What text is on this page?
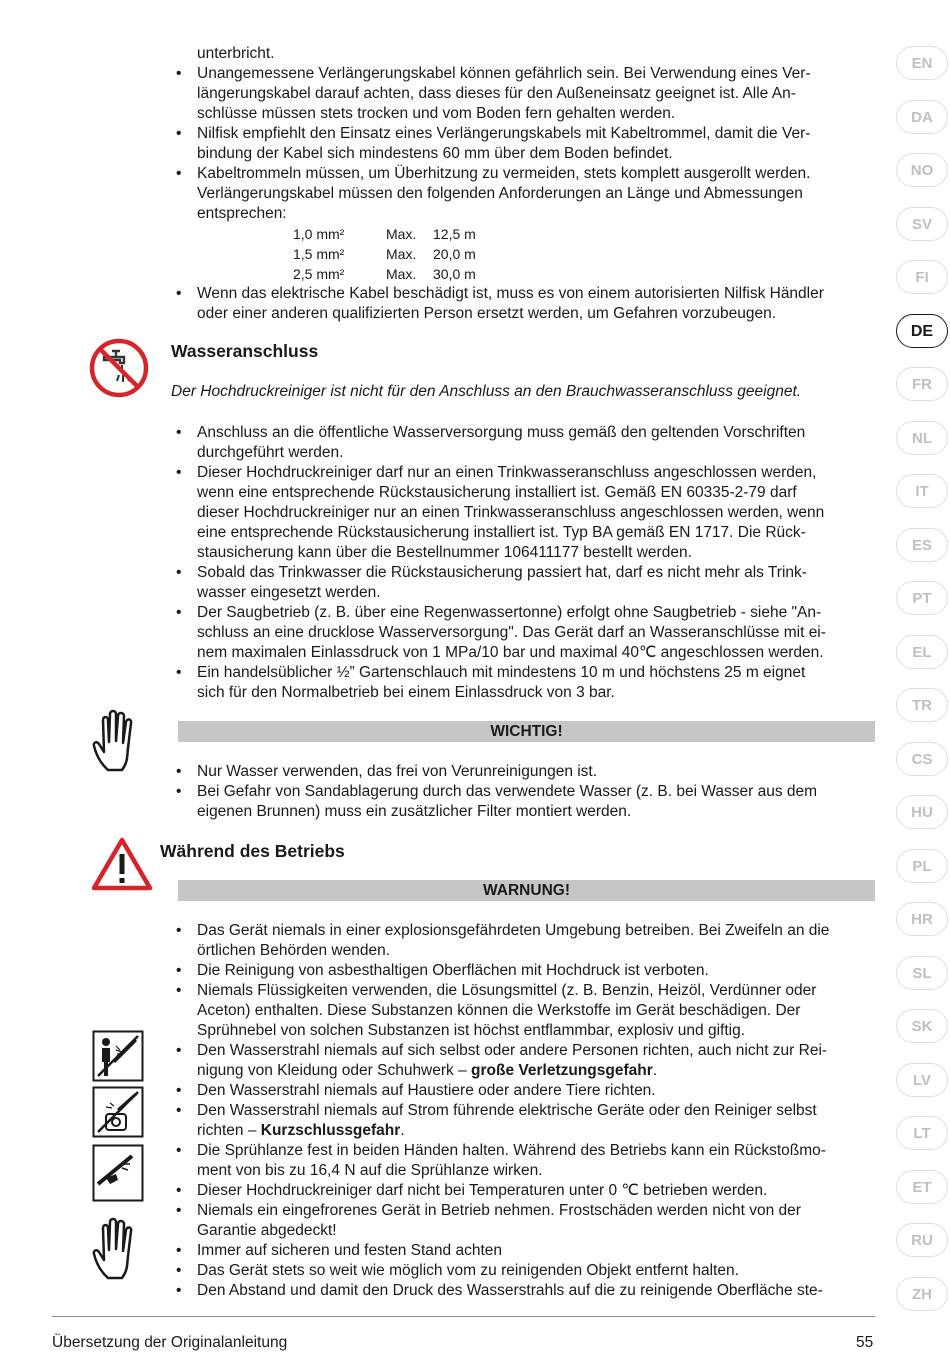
Wasseranschluss
Der Hochdruckreiniger ist nicht für den Anschluss an den Brauchwasseranschluss geeignet.
WICHTIG!
Während des Betriebs
WARNUNG!
Übersetzung der Originalanleitung	55
unterbricht.
• Unangemessene Verlängerungskabel können gefährlich sein. Bei Verwendung eines Ver-
längerungskabel darauf achten, dass dieses für den Außeneinsatz geeignet ist. Alle An-
schlüsse müssen stets trocken und vom Boden fern gehalten werden.
• Nilfisk empfiehlt den Einsatz eines Verlängerungskabels mit Kabeltrommel, damit die Ver-
bindung der Kabel sich mindestens 60 mm über dem Boden befindet.
• Kabeltrommeln müssen, um Überhitzung zu vermeiden, stets komplett ausgerollt werden.
Verlängerungskabel müssen den folgenden Anforderungen an Länge und Abmessungen
entsprechen:
1,0 mm²	Max. 12,5 m
1,5 mm²	Max. 20,0 m
2,5 mm²	Max. 30,0 m
• Wenn das elektrische Kabel beschädigt ist, muss es von einem autorisierten Nilfisk Händler
oder einer anderen qualifizierten Person ersetzt werden, um Gefahren vorzubeugen.
• Anschluss an die öffentliche Wasserversorgung muss gemäß den geltenden Vorschriften
durchgeführt werden.
• Dieser Hochdruckreiniger darf nur an einen Trinkwasseranschluss angeschlossen werden,
wenn eine entsprechende Rückstausicherung installiert ist. Gemäß EN 60335-2-79 darf
dieser Hochdruckreiniger nur an einen Trinkwasseranschluss angeschlossen werden, wenn
eine entsprechende Rückstausicherung installiert ist. Typ BA gemäß EN 1717. Die Rück-
stausicherung kann über die Bestellnummer 106411177 bestellt werden.
• Sobald das Trinkwasser die Rückstausicherung passiert hat, darf es nicht mehr als Trink-
wasser eingesetzt werden.
• Der Saugbetrieb (z. B. über eine Regenwassertonne) erfolgt ohne Saugbetrieb - siehe "An-
schluss an eine drucklose Wasserversorgung". Das Gerät darf an Wasseranschlüsse mit ei-
nem maximalen Einlassdruck von 1 MPa/10 bar und maximal 40℃ angeschlossen werden.
• Ein handelsüblicher ½” Gartenschlauch mit mindestens 10 m und höchstens 25 m eignet
sich für den Normalbetrieb bei einem Einlassdruck von 3 bar.
• Nur Wasser verwenden, das frei von Verunreinigungen ist.
• Bei Gefahr von Sandablagerung durch das verwendete Wasser (z. B. bei Wasser aus dem
eigenen Brunnen) muss ein zusätzlicher Filter montiert werden.
• Das Gerät niemals in einer explosionsgefährdeten Umgebung betreiben. Bei Zweifeln an die
örtlichen Behörden wenden.
• Die Reinigung von asbesthaltigen Oberflächen mit Hochdruck ist verboten.
• Niemals Flüssigkeiten verwenden, die Lösungsmittel (z. B. Benzin, Heizöl, Verdünner oder
Aceton) enthalten. Diese Substanzen können die Werkstoffe im Gerät beschädigen. Der
Sprühnebel von solchen Substanzen ist höchst entflammbar, explosiv und giftig.
• Den Wasserstrahl niemals auf sich selbst oder andere Personen richten, auch nicht zur Rei-
nigung von Kleidung oder Schuhwerk – große Verletzungsgefahr.
• Den Wasserstrahl niemals auf Haustiere oder andere Tiere richten.
• Den Wasserstrahl niemals auf Strom führende elektrische Geräte oder den Reiniger selbst
richten – Kurzschlussgefahr.
• Die Sprühlanze fest in beiden Händen halten. Während des Betriebs kann ein Rückstoßmo-
ment von bis zu 16,4 N auf die Sprühlanze wirken.
• Dieser Hochdruckreiniger darf nicht bei Temperaturen unter 0 ℃ betrieben werden.
• Niemals ein eingefrorenes Gerät in Betrieb nehmen. Frostschäden werden nicht von der
Garantie abgedeckt!
• Immer auf sicheren und festen Stand achten
• Das Gerät stets so weit wie möglich vom zu reinigenden Objekt entfernt halten.
• Den Abstand und damit den Druck des Wasserstrahls auf die zu reinigende Oberfläche ste-
EN
DA
NO
SV
FI
DE
FR
NL
IT
ES
PT
EL
TR
CS
HU
PL
HR
SL
SK
LV
LT
ET
RU
ZH
